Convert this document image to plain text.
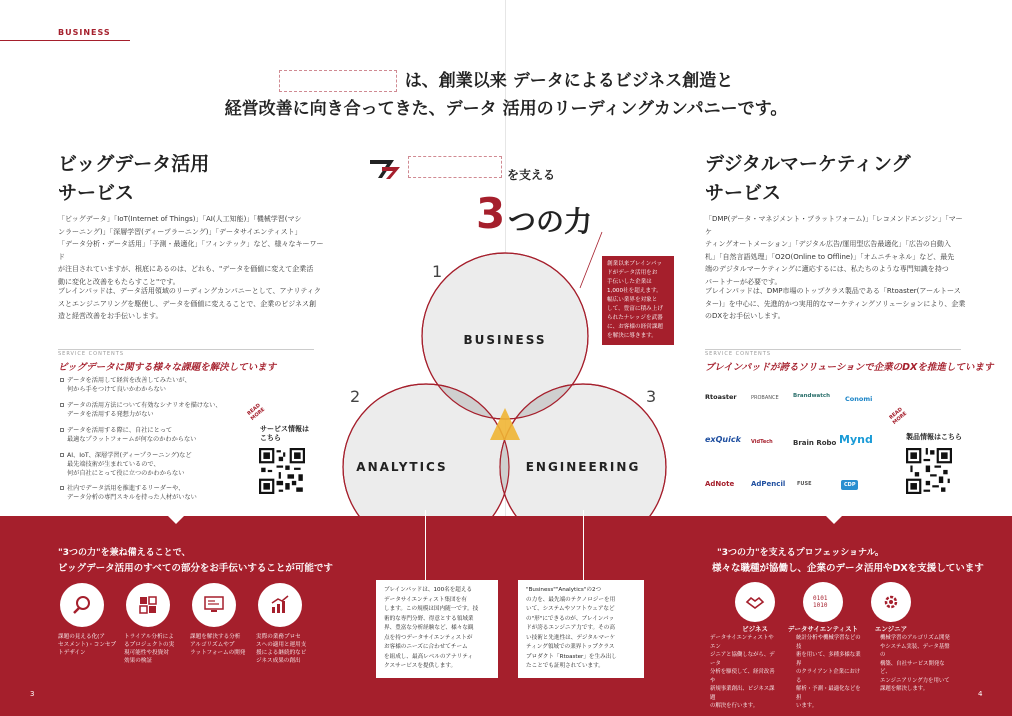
BUSINESS
は、創業以来 データによるビジネス創造と
経営改善に向き合ってきた、データ 活用のリーディングカンパニーです。
ビッグデータ活用
サービス
「ビッグデータ」「IoT(Internet of Things)」「AI(人工知能)」「機械学習(マシ
ンラーニング)」「深層学習(ディープラーニング)」「データサイエンティスト」
「データ分析・データ活用」「予測・最適化」「フィンテック」など、様々なキーワード
が注目されていますが、根底にあるのは、どれも、"データを価値に変えて企業活
動に変化と改善をもたらすこと"です。
ブレインパッドは、データ活用領域のリーディングカンパニーとして、アナリティク
スとエンジニアリングを駆使し、データを価値に変えることで、企業のビジネス創
造と経営改善をお手伝いします。
SERVICE CONTENTS
ビッグデータに関する様々な課題を解決しています
データを活用して経営を改善してみたいが、
何から手をつけて良いかわからない
データの活用方法について有効なシナリオを描けない、
データを活用する発想力がない
データを活用する際に、自社にとって
最適なプラットフォームが何なのかわからない
AI、IoT、深層学習(ディープラーニング)など
最先端技術が生まれているので、
何が自社にとって役に立つのかわからない
社内でデータ活用を推進するリーダーや、
データ分析の専門スキルを持った人材がいない
READ MORE
サービス情報は
こちら
を支える
3 つの力
創業以来ブレインパッ
ドがデータ活用をお
手伝いした企業は
1,000社を超えます。
幅広い業界を対象と
して、豊富に積み上げ
られたナレッジを武器
に、お客様の経営課題
を解決に導きます。
BUSINESS
ANALYTICS	ENGINEERING
1
2	3
デジタルマーケティング
サービス
「DMP(データ・マネジメント・プラットフォーム)」「レコメンドエンジン」「マーケ
ティングオートメーション」「デジタル広告/運用型広告最適化」「広告の自動入
札」「自然言語処理」「O2O(Online to Offline)」「オムニチャネル」など、最先
端のデジタルマーケティングに適応するには、私たちのような専門知識を持つ
パートナーが必要です。
ブレインパッドは、DMP市場のトップクラス製品である「Rtoaster(アールトース
ター)」を中心に、先進的かつ実用的なマーケティングソリューションにより、企業
のDXをお手伝いします。
SERVICE CONTENTS
ブレインパッドが誇るソリューションで企業のDXを推進しています
Rtoaster	PROBANCE	Brandwatch Conomi
exQuick VidTech	Brain Robo Mynd
AdNote AdPencil FUSE	CDP
READ MORE
製品情報はこちら
"3つの力"を兼ね備えることで、
ビッグデータ活用のすべての部分をお手伝いすることが可能です
課題の見える化(ア
セスメント)・コンセプ
トデザイン
トライアル分析によ
るプロジェクトの実
現可能性や投資対
効果の検証
課題を解決する分析
アルゴリズムやプ
ラットフォームの開発
実際の業務プロセ
スへの適用と運用支
援による継続的なビ
ジネス成果の創出
ブレインパッドは、100名を超える
データサイエンティスト集団を有
します。この規模は国内随一です。技
術的な専門分野、得意とする領域業
界、豊富な分析経験など、様々な観
点を持つデータサイエンティストが
お客様のニーズに合わせてチーム
を組成し、最高レベルのアナリティ
クスサービスを提供します。
"Business""Analytics"の2つ
の力を、最先端のテクノロジーを用
いて、システムやソフトウェアなど
の"形"にできるのが、ブレインパッ
ドが誇るエンジニア力です。その高
い技術と先進性は、デジタルマーケ
ティング領域での業界トップクラス
プロダクト「Rtoaster」を生み出し
たことでも証明されています。
"3つの力"を支えるプロフェッショナル。
様々な職種が協働し、企業のデータ活用やDXを支援しています
0101
1010
ビジネス	データサイエンティスト	エンジニア
データサイエンティストやエン
ジニアと協働しながら、データ
分析を駆使して、経営改善や
新規事業創出、ビジネス課題
の解決を行います。
統計分析や機械学習などの技
術を用いて、多種多様な業界
のクライアント企業における
解析・予測・最適化などを担
います。
機械学習のアルゴリズム開発
やシステム実装、データ基盤の
構築、自社サービス開発など、
エンジニアリング力を用いて
課題を解決します。
3	4
